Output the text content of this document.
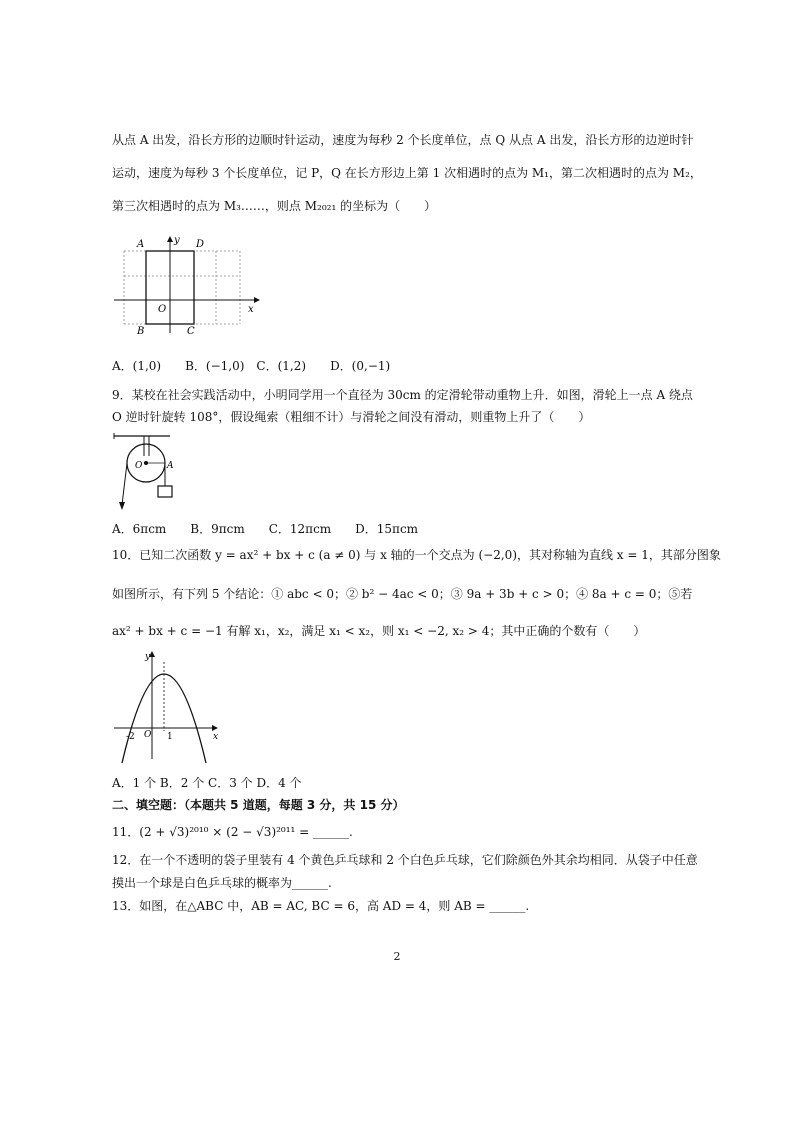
从点 A 出发，沿长方形的边顺时针运动，速度为每秒 2 个长度单位，点 Q 从点 A 出发，沿长方形的边逆时针
运动，速度为每秒 3 个长度单位，记 P，Q 在长方形边上第 1 次相遇时的点为 M₁，第二次相遇时的点为 M₂，
第三次相遇时的点为 M₃……，则点 M₂₀₂₁ 的坐标为（　　）
A	D
y
O	x
B	C
A．(1,0)　　B．(−1,0)　C．(1,2)　　D．(0,−1)
9．某校在社会实践活动中，小明同学用一个直径为 30cm 的定滑轮带动重物上升．如图，滑轮上一点 A 绕点
O 逆时针旋转 108°，假设绳索（粗细不计）与滑轮之间没有滑动，则重物上升了（　　）
O	A
A．6πcm　　B．9πcm　　C．12πcm　　D．15πcm
10．已知二次函数 y = ax² + bx + c (a ≠ 0) 与 x 轴的一个交点为 (−2,0)，其对称轴为直线 x = 1，其部分图象
如图所示，有下列 5 个结论：① abc < 0；② b² − 4ac < 0；③ 9a + 3b + c > 0；④ 8a + c = 0；⑤若
ax² + bx + c = −1 有解 x₁，x₂，满足 x₁ < x₂，则 x₁ < −2, x₂ > 4；其中正确的个数有（　　）
y
x
O
-2	1
A．1 个 B．2 个 C．3 个 D．4 个
二、填空题：（本题共 5 道题，每题 3 分，共 15 分）
11．(2 + √3)²⁰¹⁰ × (2 − √3)²⁰¹¹ = ______.
12．在一个不透明的袋子里装有 4 个黄色乒乓球和 2 个白色乒乓球，它们除颜色外其余均相同．从袋子中任意
摸出一个球是白色乒乓球的概率为______.
13．如图，在△ABC 中，AB = AC, BC = 6，高 AD = 4，则 AB = ______.
2
